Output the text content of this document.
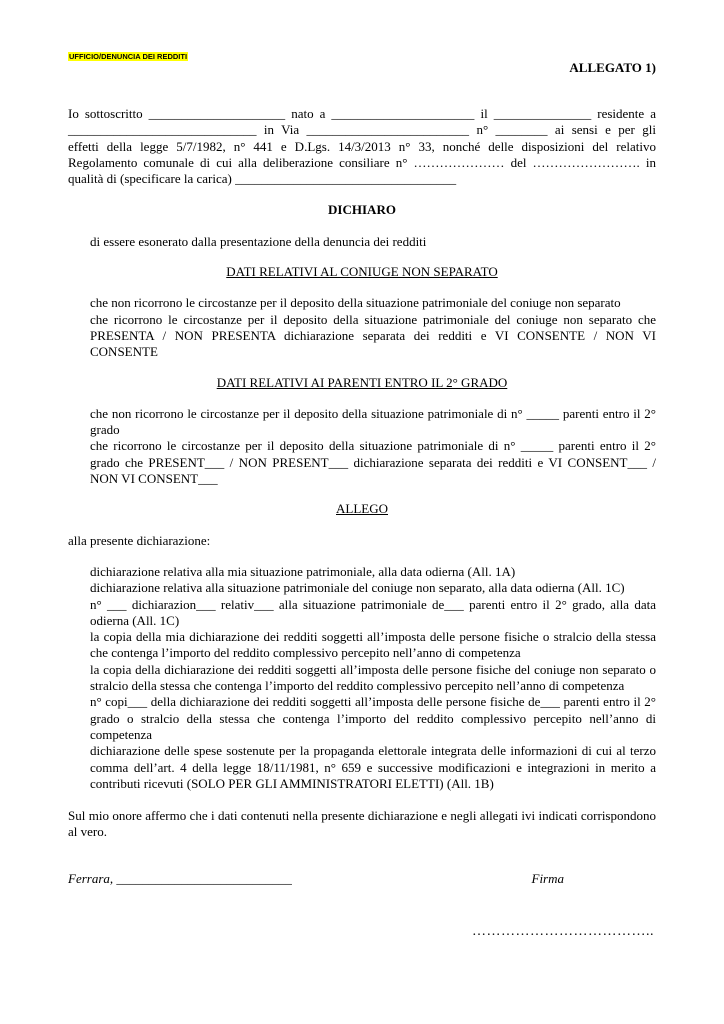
UFFICIO/DENUNCIA DEI REDDITI
ALLEGATO 1)

Io sottoscritto _____________________ nato a ______________________ il _______________ residente a

_____________________________ in Via _________________________ n° ________ ai sensi e per gli

effetti della legge 5/7/1982, n° 441 e D.Lgs. 14/3/2013 n° 33, nonché delle disposizioni del relativo

Regolamento comunale di cui alla deliberazione consiliare n° ………………… del ……………………. in

qualità di (specificare la carica) __________________________________

DICHIARO

di essere esonerato dalla presentazione della denuncia dei redditi

DATI RELATIVI AL CONIUGE NON SEPARATO

che non ricorrono le circostanze per il deposito della situazione patrimoniale del coniuge non separato

che ricorrono le circostanze per il deposito della situazione patrimoniale del coniuge non separato che PRESENTA / NON PRESENTA dichiarazione separata dei redditi e VI CONSENTE / NON VI CONSENTE

DATI RELATIVI AI PARENTI ENTRO IL 2° GRADO

che non ricorrono le circostanze per il deposito della situazione patrimoniale di n° _____ parenti entro il 2° grado

che ricorrono le circostanze per il deposito della situazione patrimoniale di n° _____ parenti entro il 2° grado che PRESENT___ / NON PRESENT___ dichiarazione separata dei redditi e VI CONSENT___ / NON VI CONSENT___

ALLEGO

alla presente dichiarazione:

dichiarazione relativa alla mia situazione patrimoniale, alla data odierna (All. 1A)

dichiarazione relativa alla situazione patrimoniale del coniuge non separato, alla data odierna (All. 1C)

n° ___ dichiarazion___ relativ___ alla situazione patrimoniale de___ parenti entro il 2° grado, alla data odierna (All. 1C)

la copia della mia dichiarazione dei redditi soggetti all’imposta delle persone fisiche o stralcio della stessa che contenga l’importo del reddito complessivo percepito nell’anno di competenza

la copia della dichiarazione dei redditi soggetti all’imposta delle persone fisiche del coniuge non separato o stralcio della stessa che contenga l’importo del reddito complessivo percepito nell’anno di competenza

n° copi___ della dichiarazione dei redditi soggetti all’imposta delle persone fisiche de___ parenti entro il 2° grado o stralcio della stessa che contenga l’importo del reddito complessivo percepito nell’anno di competenza

dichiarazione delle spese sostenute per la propaganda elettorale integrata delle informazioni di cui al terzo comma dell’art. 4 della legge 18/11/1981, n° 659 e successive modificazioni e integrazioni in merito a contributi ricevuti (SOLO PER GLI AMMINISTRATORI ELETTI) (All. 1B)

Sul mio onore affermo che i dati contenuti nella presente dichiarazione e negli allegati ivi indicati corrispondono al vero.

Ferrara, ___________________________	Firma
………………………………..
